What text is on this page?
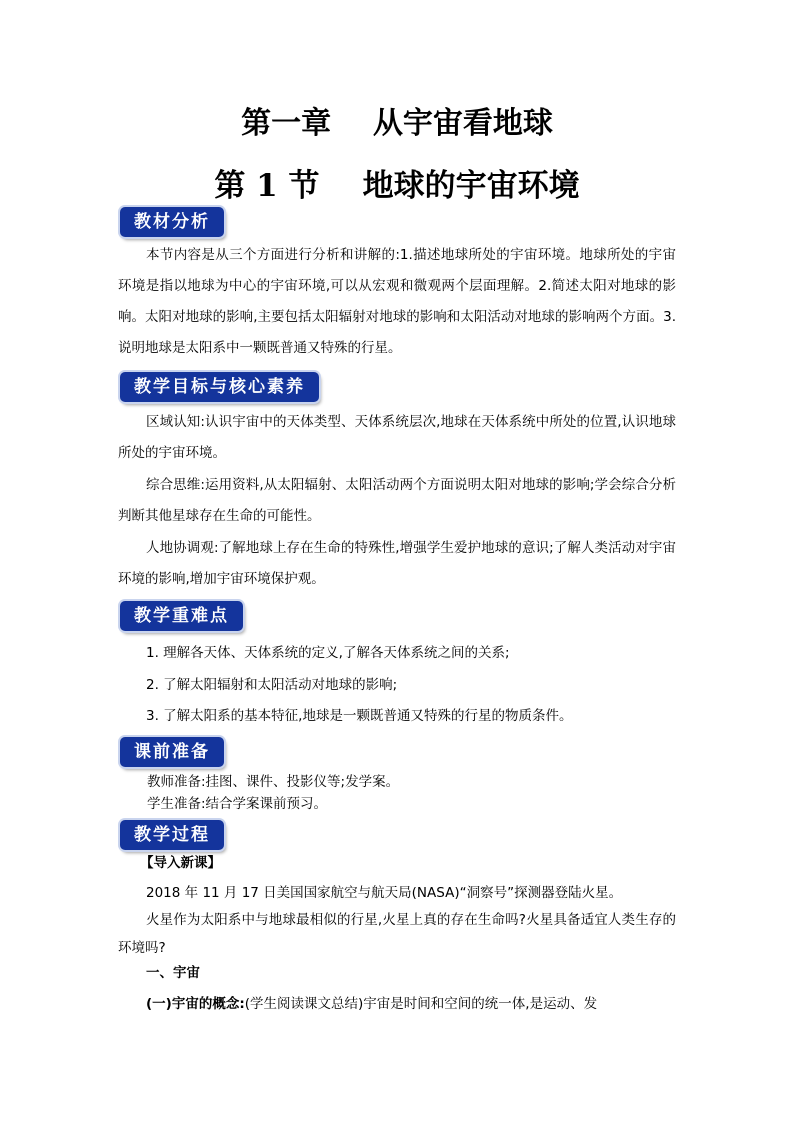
第一章    从宇宙看地球
第 1 节    地球的宇宙环境
教材分析
本节内容是从三个方面进行分析和讲解的:1.描述地球所处的宇宙环境。地球所处的宇宙环境是指以地球为中心的宇宙环境,可以从宏观和微观两个层面理解。2.简述太阳对地球的影响。太阳对地球的影响,主要包括太阳辐射对地球的影响和太阳活动对地球的影响两个方面。3.说明地球是太阳系中一颗既普通又特殊的行星。
教学目标与核心素养
区域认知:认识宇宙中的天体类型、天体系统层次,地球在天体系统中所处的位置,认识地球所处的宇宙环境。
综合思维:运用资料,从太阳辐射、太阳活动两个方面说明太阳对地球的影响;学会综合分析判断其他星球存在生命的可能性。
人地协调观:了解地球上存在生命的特殊性,增强学生爱护地球的意识;了解人类活动对宇宙环境的影响,增加宇宙环境保护观。
教学重难点
1. 理解各天体、天体系统的定义,了解各天体系统之间的关系;
2. 了解太阳辐射和太阳活动对地球的影响;
3. 了解太阳系的基本特征,地球是一颗既普通又特殊的行星的物质条件。
课前准备
教师准备:挂图、课件、投影仪等;发学案。
学生准备:结合学案课前预习。
教学过程
【导入新课】
2018 年 11 月 17 日美国国家航空与航天局(NASA)“洞察号”探测器登陆火星。
火星作为太阳系中与地球最相似的行星,火星上真的存在生命吗?火星具备适宜人类生存的环境吗?
一、宇宙
(一)宇宙的概念:(学生阅读课文总结)宇宙是时间和空间的统一体,是运动、发
